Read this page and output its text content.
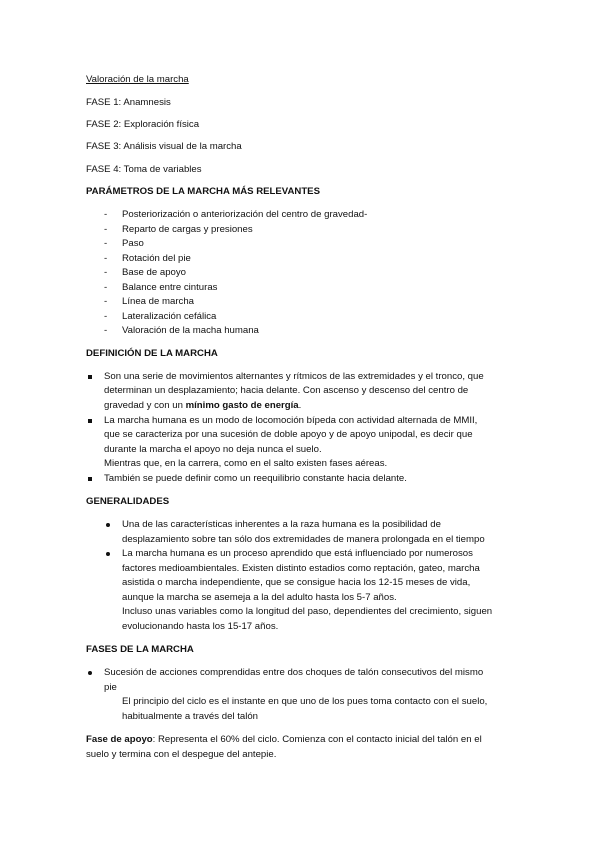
Valoración de la marcha
FASE 1: Anamnesis
FASE 2: Exploración física
FASE 3: Análisis visual de la marcha
FASE 4: Toma de variables
PARÁMETROS DE LA MARCHA MÁS RELEVANTES
- Posteriorización o anteriorización del centro de gravedad-
- Reparto de cargas y presiones
- Paso
- Rotación del pie
- Base de apoyo
- Balance entre cinturas
- Línea de marcha
- Lateralización cefálica
- Valoración de la macha humana
DEFINICIÓN DE LA MARCHA
Son una serie de movimientos alternantes y rítmicos de las extremidades y el tronco, que
determinan un desplazamiento; hacia delante. Con ascenso y descenso del centro de
gravedad y con un mínimo gasto de energía.
La marcha humana es un modo de locomoción bípeda con actividad alternada de MMII,
que se caracteriza por una sucesión de doble apoyo y de apoyo unipodal, es decir que
durante la marcha el apoyo no deja nunca el suelo.
Mientras que, en la carrera, como en el salto existen fases aéreas.
También se puede definir como un reequilibrio constante hacia delante.
GENERALIDADES
Una de las características inherentes a la raza humana es la posibilidad de
desplazamiento sobre tan sólo dos extremidades de manera prolongada en el tiempo
La marcha humana es un proceso aprendido que está influenciado por numerosos
factores medioambientales. Existen distinto estadios como reptación, gateo, marcha
asistida o marcha independiente, que se consigue hacia los 12-15 meses de vida,
aunque la marcha se asemeja a la del adulto hasta los 5-7 años.
Incluso unas variables como la longitud del paso, dependientes del crecimiento, siguen
evolucionando hasta los 15-17 años.
FASES DE LA MARCHA
Sucesión de acciones comprendidas entre dos choques de talón consecutivos del mismo
pie
El principio del ciclo es el instante en que uno de los pues toma contacto con el suelo,
habitualmente a través del talón
Fase de apoyo: Representa el 60% del ciclo. Comienza con el contacto inicial del talón en el
suelo y termina con el despegue del antepie.
